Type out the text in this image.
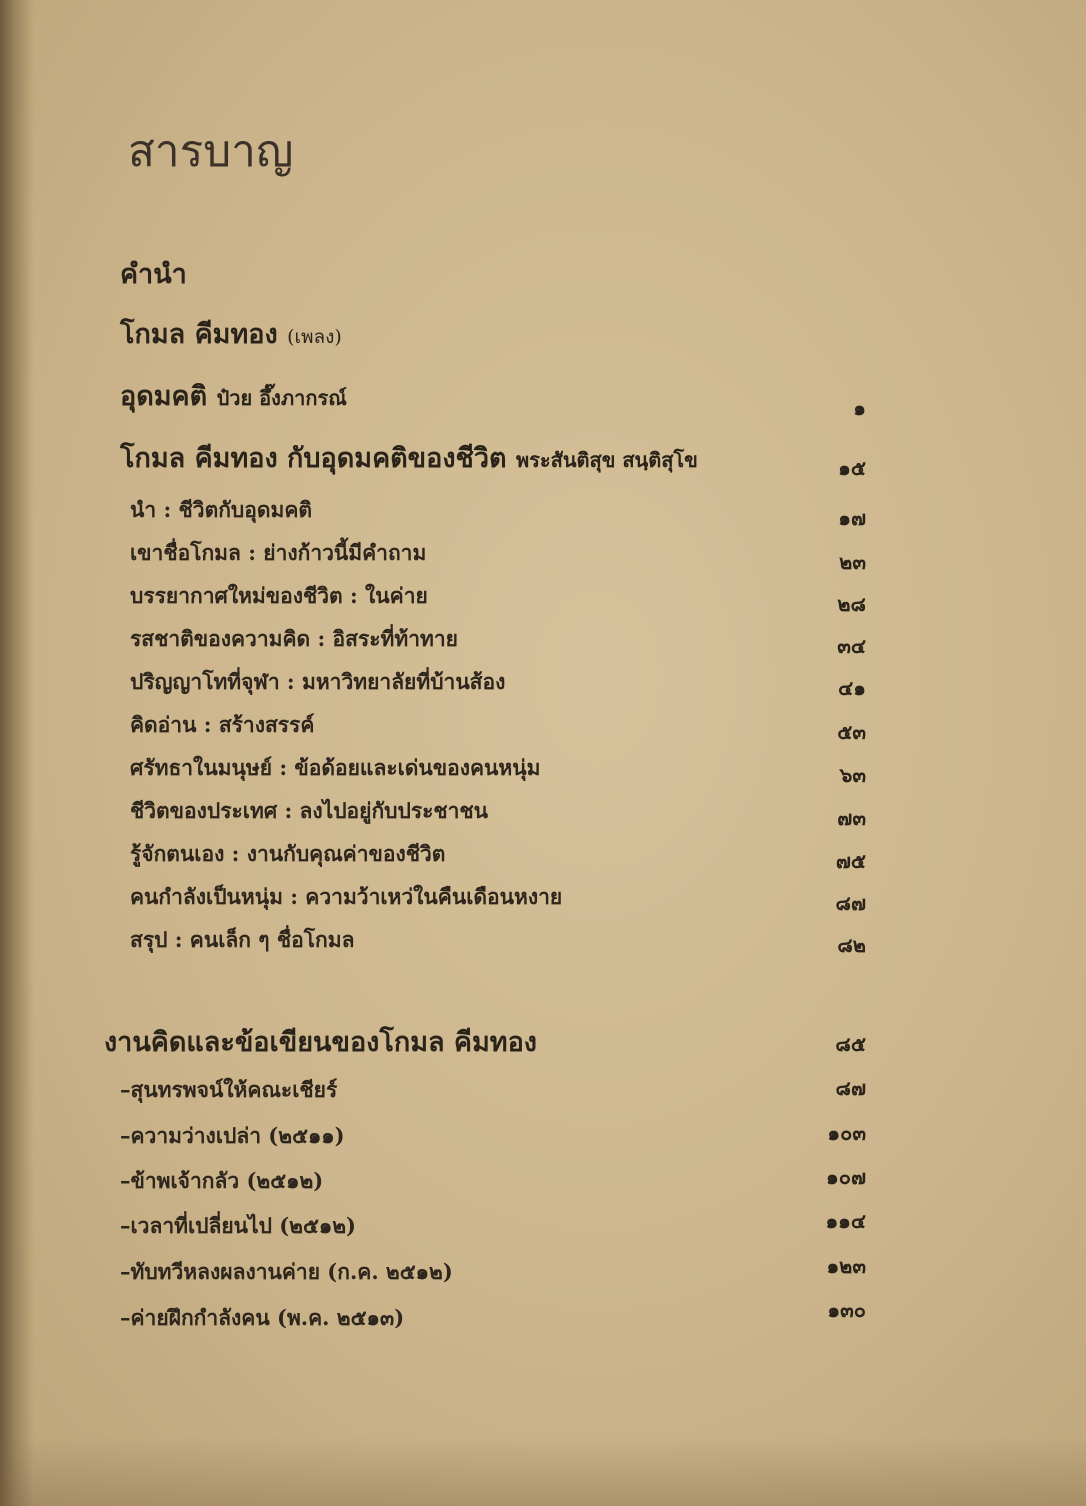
สารบาญ
คำนำ
โกมล คีมทอง (เพลง)
อุดมคติ ป๋วย อึ๊งภากรณ์	๑
โกมล คีมทอง กับอุดมคติของชีวิต พระสันติสุข สนฺติสุโข	๑๕
นำ : ชีวิตกับอุดมคติ	๑๗
เขาชื่อโกมล : ย่างก้าวนี้มีคำถาม	๒๓
บรรยากาศใหม่ของชีวิต : ในค่าย	๒๘
รสชาติของความคิด : อิสระที่ท้าทาย	๓๔
ปริญญาโทที่จุฬา : มหาวิทยาลัยที่บ้านส้อง	๔๑
คิดอ่าน : สร้างสรรค์	๕๓
ศรัทธาในมนุษย์ : ข้อด้อยและเด่นของคนหนุ่ม	๖๓
ชีวิตของประเทศ : ลงไปอยู่กับประชาชน	๗๓
รู้จักตนเอง : งานกับคุณค่าของชีวิต	๗๕
คนกำลังเป็นหนุ่ม : ความว้าเหว่ในคืนเดือนหงาย	๘๗
สรุป : คนเล็ก ๆ ชื่อโกมล	๘๒
งานคิดและข้อเขียนของโกมล คีมทอง	๘๕
–สุนทรพจน์ให้คณะเชียร์	๘๗
–ความว่างเปล่า (๒๕๑๑)	๑๐๓
–ข้าพเจ้ากลัว (๒๕๑๒)	๑๐๗
–เวลาที่เปลี่ยนไป (๒๕๑๒)	๑๑๔
–ทับทวีหลงผลงานค่าย (ก.ค. ๒๕๑๒)	๑๒๓
–ค่ายฝึกกำลังคน (พ.ค. ๒๕๑๓)	๑๓๐
